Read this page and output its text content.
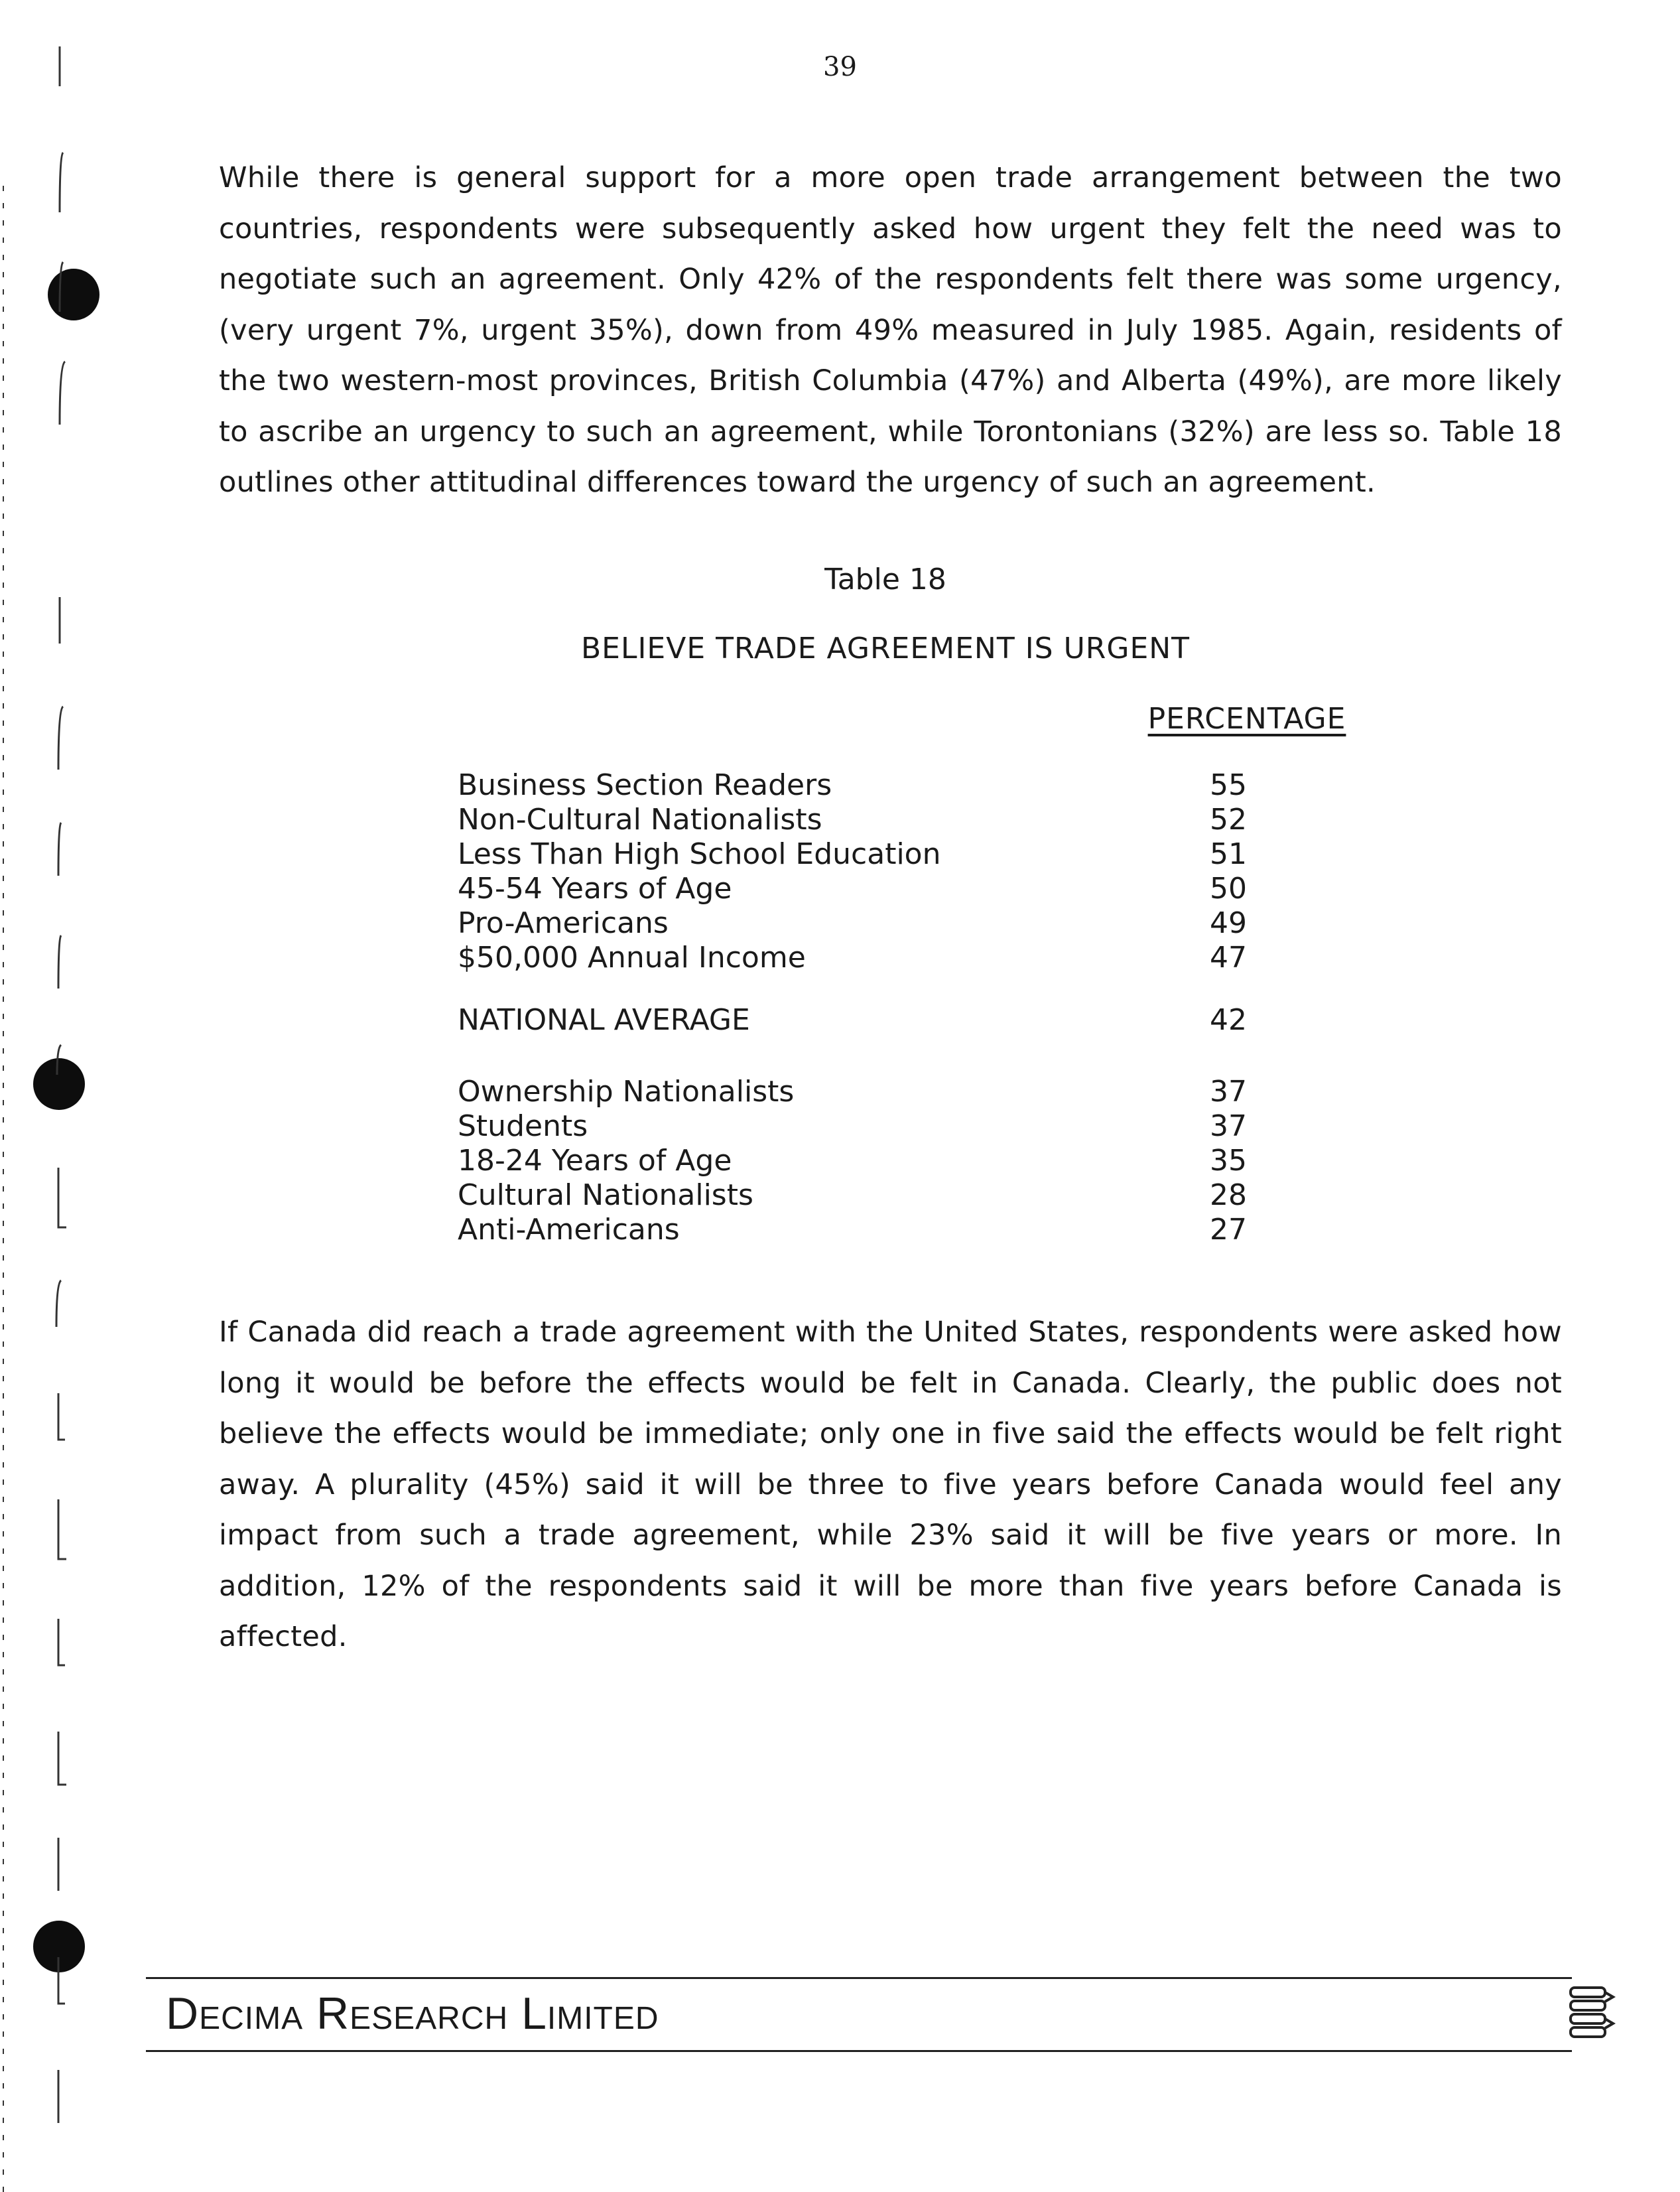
39

While there is general support for a more open trade arrangement between the two countries, respondents were subsequently asked how urgent they felt the need was to negotiate such an agreement. Only 42% of the respondents felt there was some urgency, (very urgent 7%, urgent 35%), down from 49% measured in July 1985. Again, residents of the two western-most provinces, British Columbia (47%) and Alberta (49%), are more likely to ascribe an urgency to such an agreement, while Torontonians (32%) are less so. Table 18 outlines other attitudinal differences toward the urgency of such an agreement.

Table 18
BELIEVE TRADE AGREEMENT IS URGENT
PERCENTAGE
Business Section Readers	55
Non-Cultural Nationalists	52
Less Than High School Education	51
45-54 Years of Age	50
Pro-Americans	49
$50,000 Annual Income	47
NATIONAL AVERAGE	42
Ownership Nationalists	37
Students	37
18-24 Years of Age	35
Cultural Nationalists	28
Anti-Americans	27

If Canada did reach a trade agreement with the United States, respondents were asked how long it would be before the effects would be felt in Canada. Clearly, the public does not believe the effects would be immediate; only one in five said the effects would be felt right away. A plurality (45%) said it will be three to five years before Canada would feel any impact from such a trade agreement, while 23% said it will be five years or more. In addition, 12% of the respondents said it will be more than five years before Canada is affected.

Decima Research Limited
